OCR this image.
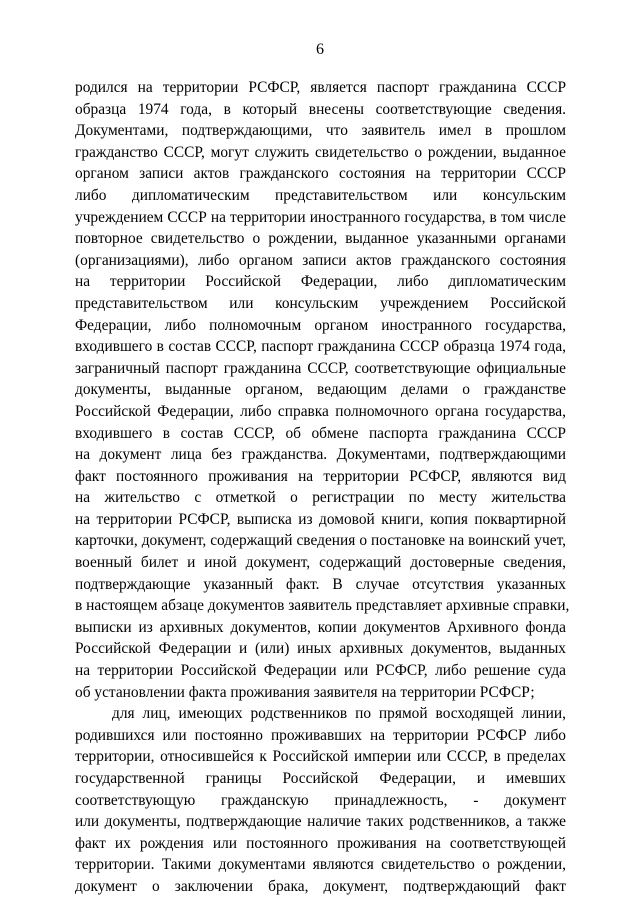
6
родился на территории РСФСР, является паспорт гражданина СССР
образца 1974 года, в который внесены соответствующие сведения.
Документами, подтверждающими, что заявитель имел в прошлом
гражданство СССР, могут служить свидетельство о рождении, выданное
органом записи актов гражданского состояния на территории СССР
либо дипломатическим представительством или консульским
учреждением СССР на территории иностранного государства, в том числе
повторное свидетельство о рождении, выданное указанными органами
(организациями), либо органом записи актов гражданского состояния
на территории Российской Федерации, либо дипломатическим
представительством или консульским учреждением Российской
Федерации, либо полномочным органом иностранного государства,
входившего в состав СССР, паспорт гражданина СССР образца 1974 года,
заграничный паспорт гражданина СССР, соответствующие официальные
документы, выданные органом, ведающим делами о гражданстве
Российской Федерации, либо справка полномочного органа государства,
входившего в состав СССР, об обмене паспорта гражданина СССР
на документ лица без гражданства. Документами, подтверждающими
факт постоянного проживания на территории РСФСР, являются вид
на жительство с отметкой о регистрации по месту жительства
на территории РСФСР, выписка из домовой книги, копия поквартирной
карточки, документ, содержащий сведения о постановке на воинский учет,
военный билет и иной документ, содержащий достоверные сведения,
подтверждающие указанный факт. В случае отсутствия указанных
в настоящем абзаце документов заявитель представляет архивные справки,
выписки из архивных документов, копии документов Архивного фонда
Российской Федерации и (или) иных архивных документов, выданных
на территории Российской Федерации или РСФСР, либо решение суда
об установлении факта проживания заявителя на территории РСФСР;
для лиц, имеющих родственников по прямой восходящей линии,
родившихся или постоянно проживавших на территории РСФСР либо
территории, относившейся к Российской империи или СССР, в пределах
государственной границы Российской Федерации, и имевших
соответствующую гражданскую принадлежность, - документ
или документы, подтверждающие наличие таких родственников, а также
факт их рождения или постоянного проживания на соответствующей
территории. Такими документами являются свидетельство о рождении,
документ о заключении брака, документ, подтверждающий факт
